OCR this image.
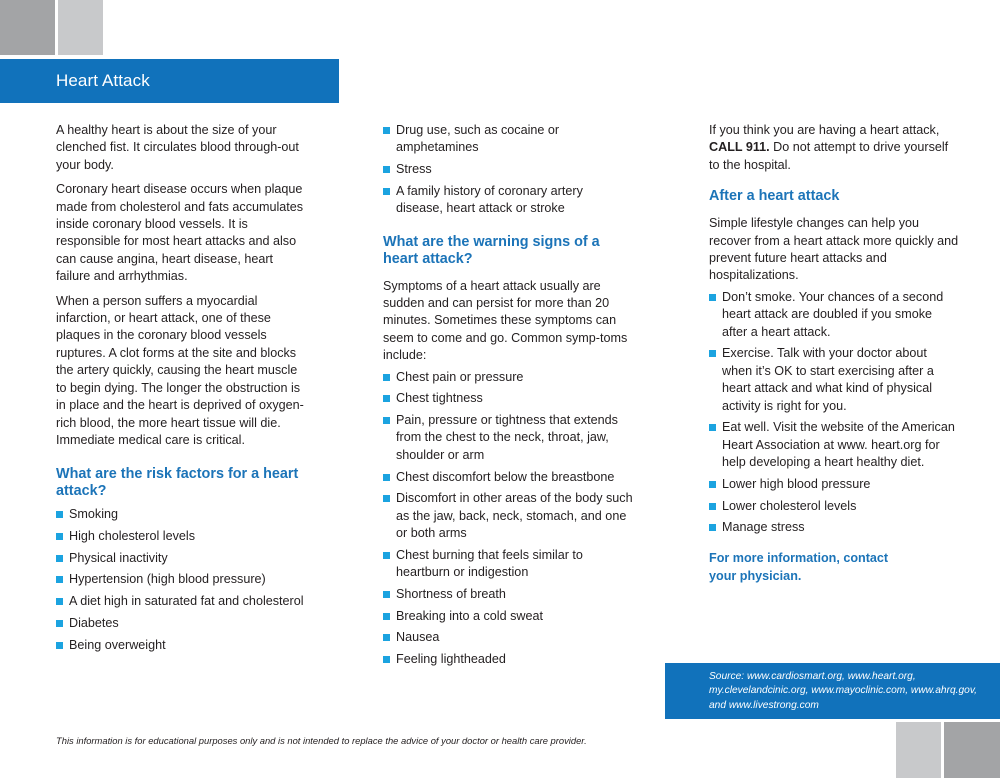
Heart Attack

A healthy heart is about the size of your clenched fist. It circulates blood through-out your body.

Coronary heart disease occurs when plaque made from cholesterol and fats accumulates inside coronary blood vessels. It is responsible for most heart attacks and also can cause angina, heart disease, heart failure and arrhythmias.

When a person suffers a myocardial infarction, or heart attack, one of these plaques in the coronary blood vessels ruptures. A clot forms at the site and blocks the artery quickly, causing the heart muscle to begin dying. The longer the obstruction is in place and the heart is deprived of oxygen-rich blood, the more heart tissue will die. Immediate medical care is critical.

What are the risk factors for a heart attack?
Smoking
High cholesterol levels
Physical inactivity
Hypertension (high blood pressure)
A diet high in saturated fat and cholesterol
Diabetes
Being overweight
Drug use, such as cocaine or amphetamines
Stress
A family history of coronary artery disease, heart attack or stroke
What are the warning signs of a heart attack?

Symptoms of a heart attack usually are sudden and can persist for more than 20 minutes. Sometimes these symptoms can seem to come and go. Common symp-toms include:

Chest pain or pressure
Chest tightness
Pain, pressure or tightness that extends from the chest to the neck, throat, jaw, shoulder or arm
Chest discomfort below the breastbone
Discomfort in other areas of the body such as the jaw, back, neck, stomach, and one or both arms
Chest burning that feels similar to heartburn or indigestion
Shortness of breath
Breaking into a cold sweat
Nausea
Feeling lightheaded

If you think you are having a heart attack, CALL 911. Do not attempt to drive yourself to the hospital.

After a heart attack

Simple lifestyle changes can help you recover from a heart attack more quickly and prevent future heart attacks and hospitalizations.

Don’t smoke. Your chances of a second heart attack are doubled if you smoke after a heart attack.
Exercise. Talk with your doctor about when it’s OK to start exercising after a heart attack and what kind of physical activity is right for you.
Eat well. Visit the website of the American Heart Association at www. heart.org for help developing a heart healthy diet.
Lower high blood pressure
Lower cholesterol levels
Manage stress
For more information, contact your physician.
Source: www.cardiosmart.org, www.heart.org, my.clevelandcinic.org, www.mayoclinic.com, www.ahrq.gov, and www.livestrong.com
This information is for educational purposes only and is not intended to replace the advice of your doctor or health care provider.
